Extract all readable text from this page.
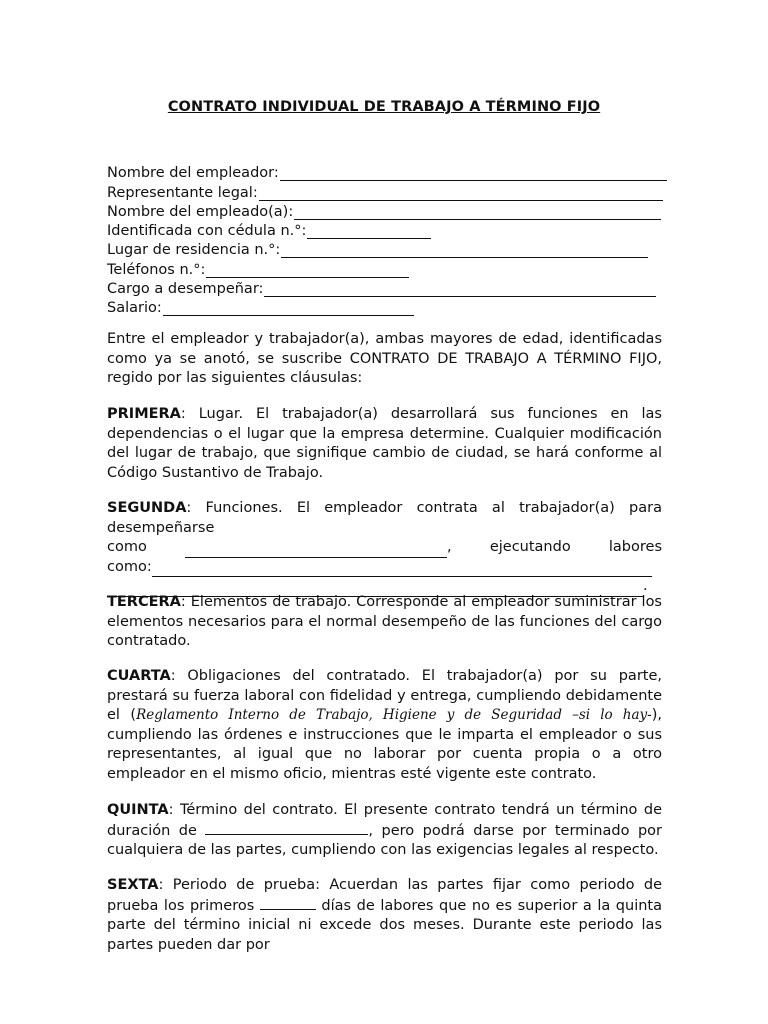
CONTRATO INDIVIDUAL DE TRABAJO A TÉRMINO FIJO
Nombre del empleador:
Representante legal:
Nombre del empleado(a):
Identificada con cédula n.°:
Lugar de residencia n.°:
Teléfonos n.°:
Cargo a desempeñar:
Salario:
Entre el empleador y trabajador(a), ambas mayores de edad, identificadas como ya se anotó, se suscribe CONTRATO DE TRABAJO A TÉRMINO FIJO, regido por las siguientes cláusulas:
PRIMERA: Lugar. El trabajador(a) desarrollará sus funciones en las dependencias o el lugar que la empresa determine. Cualquier modificación del lugar de trabajo, que signifique cambio de ciudad, se hará conforme al Código Sustantivo de Trabajo.
SEGUNDA: Funciones. El empleador contrata al trabajador(a) para desempeñarse
como	,	ejecutando	labores
como:
.
TERCERA: Elementos de trabajo. Corresponde al empleador suministrar los elementos necesarios para el normal desempeño de las funciones del cargo contratado.
CUARTA: Obligaciones del contratado. El trabajador(a) por su parte, prestará su fuerza laboral con fidelidad y entrega, cumpliendo debidamente el (Reglamento Interno de Trabajo, Higiene y de Seguridad –si lo hay-), cumpliendo las órdenes e instrucciones que le imparta el empleador o sus representantes, al igual que no laborar por cuenta propia o a otro empleador en el mismo oficio, mientras esté vigente este contrato.
QUINTA: Término del contrato. El presente contrato tendrá un término de duración de	, pero podrá darse por terminado por cualquiera de las partes, cumpliendo con las exigencias legales al respecto.
SEXTA: Periodo de prueba: Acuerdan las partes fijar como periodo de prueba los primeros	días de labores que no es superior a la quinta parte del término inicial ni excede dos meses. Durante este periodo las partes pueden dar por
